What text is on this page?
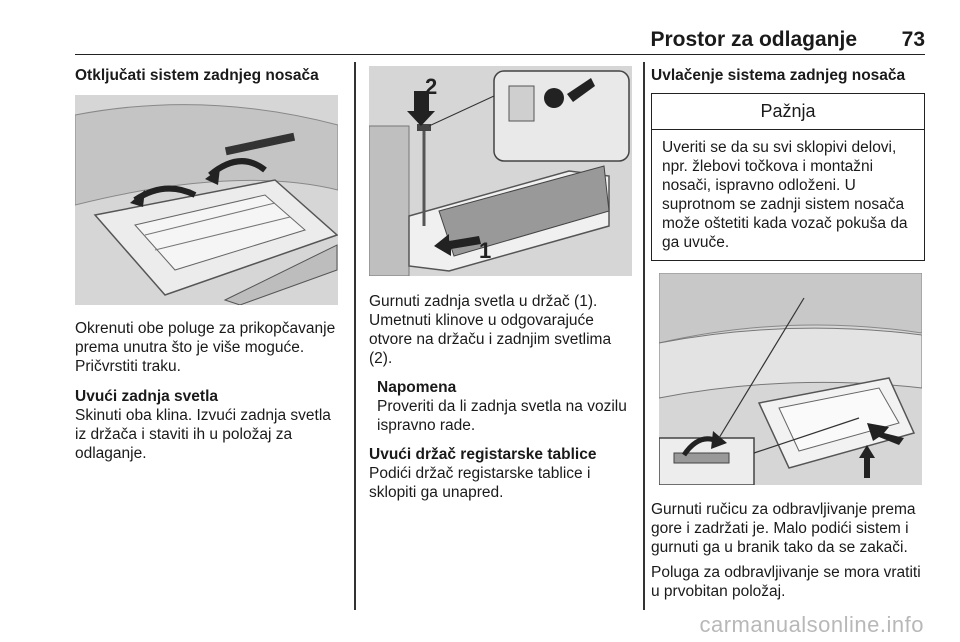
Prostor za odlaganje 73

Otključati sistem zadnjeg nosača

Okrenuti obe poluge za prikopčavanje prema unutra što je više moguće. Pričvrstiti traku.

Uvući zadnja svetla

Skinuti oba klina. Izvući zadnja svetla iz držača i staviti ih u položaj za odlaganje.

2
1

Gurnuti zadnja svetla u držač (1). Umetnuti klinove u odgovarajuće otvore na držaču i zadnjim svetlima (2).

Napomena

Proveriti da li zadnja svetla na vozilu ispravno rade.

Uvući držač registarske tablice

Podići držač registarske tablice i sklopiti ga unapred.

Uvlačenje sistema zadnjeg nosača

Pažnja
Uveriti se da su svi sklopivi delovi, npr. žlebovi točkova i montažni nosači, ispravno odloženi. U suprotnom se zadnji sistem nosača može oštetiti kada vozač pokuša da ga uvuče.

Gurnuti ručicu za odbravljivanje prema gore i zadržati je. Malo podići sistem i gurnuti ga u branik tako da se zakači.

Poluga za odbravljivanje se mora vratiti u prvobitan položaj.

carmanualsonline.info
